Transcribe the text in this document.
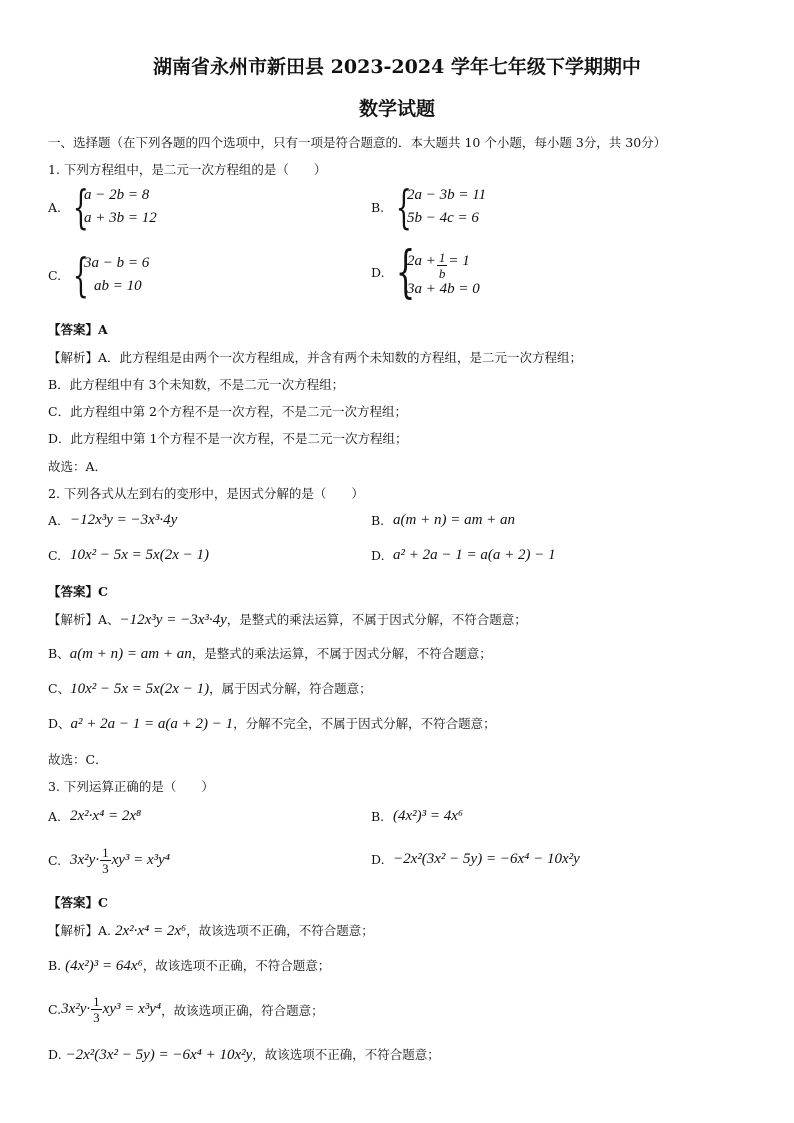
湖南省永州市新田县 2023-2024 学年七年级下学期期中
数学试题
一、选择题（在下列各题的四个选项中，只有一项是符合题意的．本大题共 10 个小题，每小题 3分，共 30分）
1. 下列方程组中，是二元一次方程组的是（　　）
A. {
a − 2b = 8
a + 3b = 12
B. {
2a − 3b = 11
5b − 4c = 6
C. {
3a − b = 6
ab = 10
D. {
$2a + \frac{1}{b} = 1$
3a + 4b = 0
【答案】A
【解析】A．此方程组是由两个一次方程组成，并含有两个未知数的方程组，是二元一次方程组；
B．此方程组中有 3个未知数，不是二元一次方程组；
C．此方程组中第 2个方程不是一次方程，不是二元一次方程组；
D．此方程组中第 1个方程不是一次方程，不是二元一次方程组；
故选：A．
2. 下列各式从左到右的变形中，是因式分解的是（　　）
A. −12x³y = −3x³·4y	B. a(m + n) = am + an
C. 10x² − 5x = 5x(2x − 1)	D. a² + 2a − 1 = a(a + 2) − 1
【答案】C
【解析】A、−12x³y = −3x³·4y，是整式的乘法运算，不属于因式分解，不符合题意；
B、a(m + n) = am + an，是整式的乘法运算，不属于因式分解，不符合题意；
C、10x² − 5x = 5x(2x − 1)，属于因式分解，符合题意；
D、a² + 2a − 1 = a(a + 2) − 1，分解不完全，不属于因式分解，不符合题意；
故选：C．
3. 下列运算正确的是（　　）
A. 2x²·x⁴ = 2x⁸	B. (4x²)³ = 4x⁶
C. $3x^2y\cdot \frac{1}{3} xy^3 = x^3y^4$	D. −2x²(3x² − 5y) = −6x⁴ − 10x²y
【答案】C
【解析】A. 2x²·x⁴ = 2x⁶，故该选项不正确，不符合题意；
B. (4x²)³ = 64x⁶，故该选项不正确，不符合题意；
C. $3x^2y\cdot \frac{1}{3} xy^3 = x^3y^4$ ，故该选项正确，符合题意；
D. −2x²(3x² − 5y) = −6x⁴ + 10x²y，故该选项不正确，不符合题意；
